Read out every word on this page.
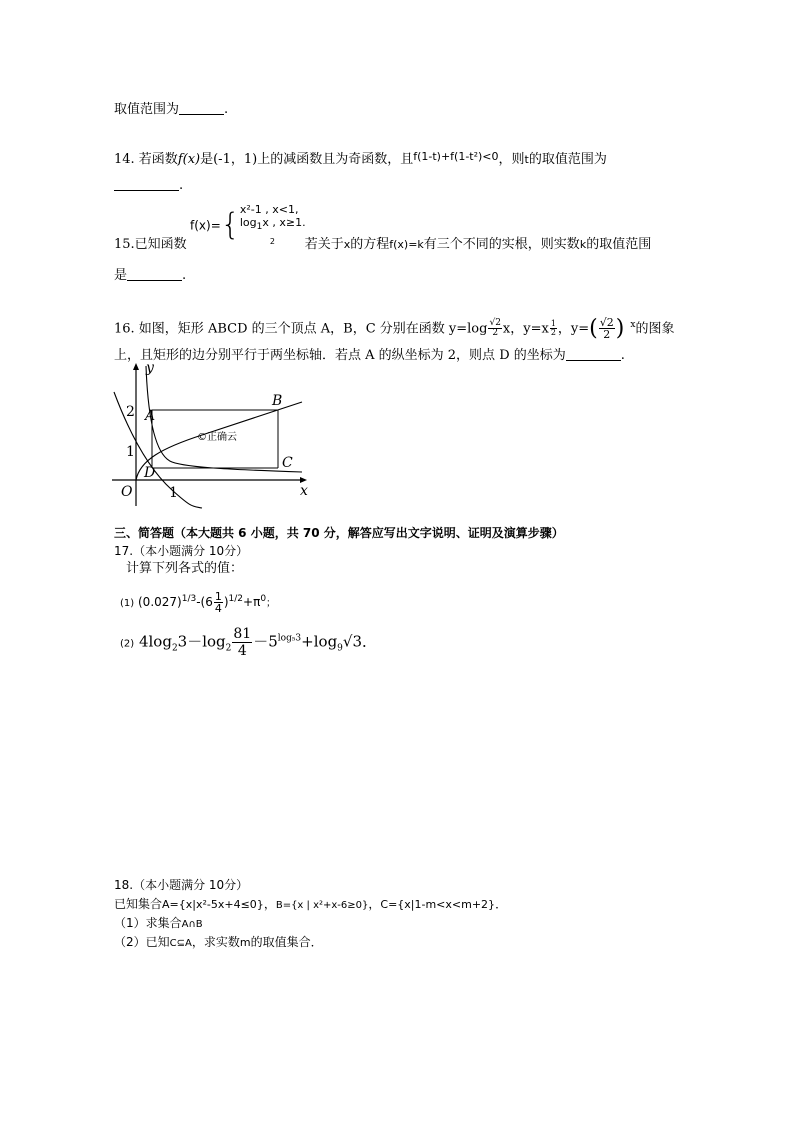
取值范围为	.
14. 若函数f(x)是(-1，1)上的减函数且为奇函数，且$^{f(1-t)+f(1-t^2)<0}$，则t的取值范围为
.
f(x)={x²-1 , x<1,
$\log_1x$ , x≥1.
2
15.已知函数	若关于x的方程f(x)=k有三个不同的实根，则实数k的取值范围
是	.
16. 如图，矩形 ABCD 的三个顶点 A，B，C 分别在函数 $y=\log \frac{√2}{2}$ x，$y=x \frac{1}{2}$ ，$y=( \frac{√2}{2}$ ) $^x$的图象
上，且矩形的边分别平行于两坐标轴．若点 A 的纵坐标为 2，则点 D 的坐标为	.
y
x
O	1
1
2 A
B
C
D
©正确云
三、简答题（本大题共 6 小题，共 70 分，解答应写出文字说明、证明及演算步骤）
17.（本小题满分 10分）
计算下列各式的值：
(1) $(0.027)^{1/3}-(6 \frac{1}{4} )^{1/2}+\pi^0$；
(2) $4\log_23-\log_2 \frac{81}{4} -5^{log_53}+\log_9√3$．
18.（本小题满分 10分）
已知集合A={x|x²-5x+4≤0}，B={x | x²+x-6≥0}，C={x|1-m<x<m+2}．
（1）求集合A∩B
（2）已知C⊆A，求实数m的取值集合．
